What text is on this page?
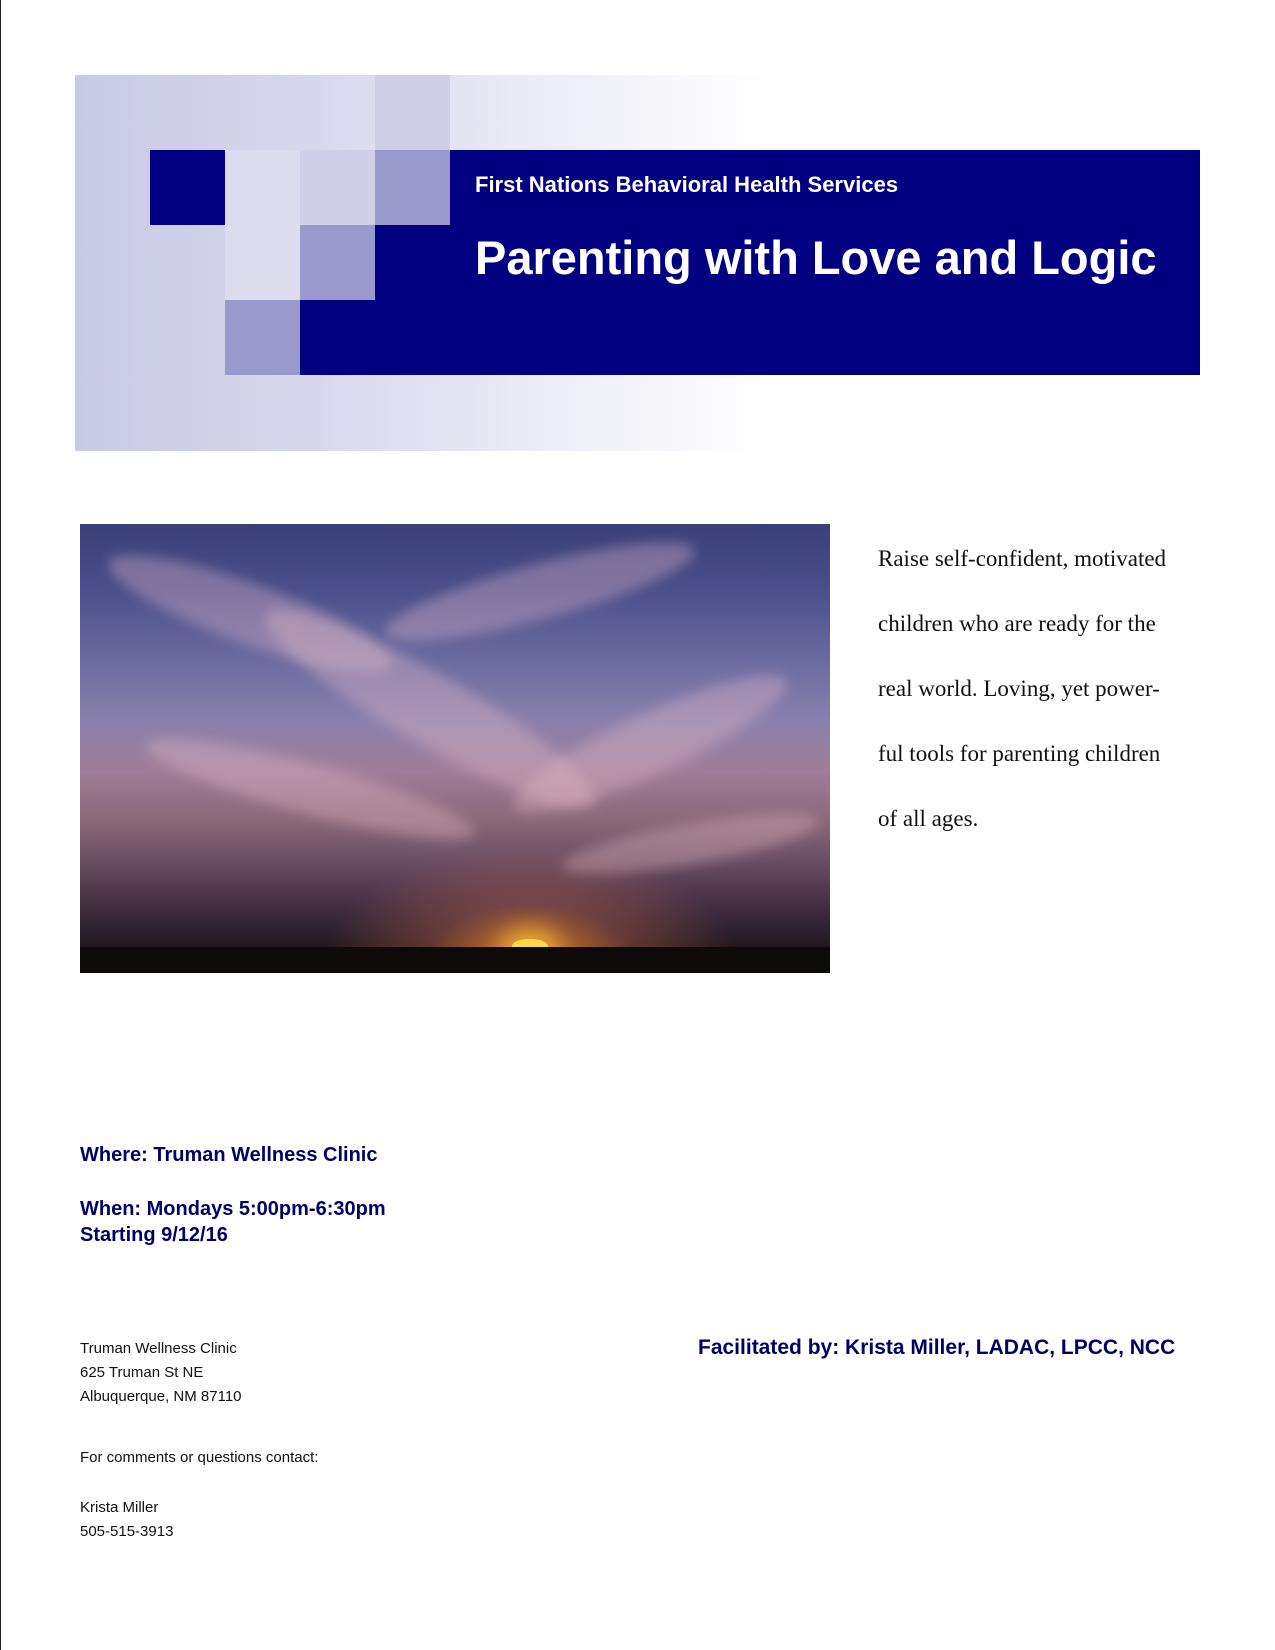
First Nations Behavioral Health Services
Parenting with Love and Logic

Raise self-confident, motivated
children who are ready for the
real world. Loving, yet power-
ful tools for parenting children
of all ages.

Where: Truman Wellness Clinic

When: Mondays 5:00pm-6:30pm
Starting 9/12/16

Facilitated by: Krista Miller, LADAC, LPCC, NCC

Truman Wellness Clinic
625 Truman St NE
Albuquerque, NM 87110

For comments or questions contact:

Krista Miller
505-515-3913
